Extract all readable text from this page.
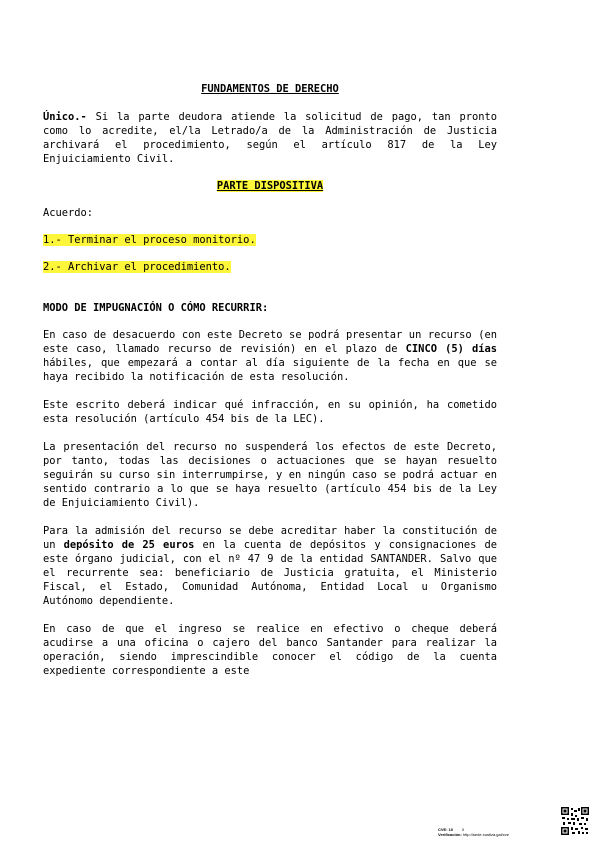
FUNDAMENTOS DE DERECHO

Único.- Si la parte deudora atiende la solicitud de pago, tan pronto como lo acredite, el/la Letrado/a de la Administración de Justicia archivará el procedimiento, según el artículo 817 de la Ley Enjuiciamiento Civil.

PARTE DISPOSITIVA

Acuerdo:

1.- Terminar el proceso monitorio.

2.- Archivar el procedimiento.

MODO DE IMPUGNACIÓN O CÓMO RECURRIR:

En caso de desacuerdo con este Decreto se podrá presentar un recurso (en este caso, llamado recurso de revisión) en el plazo de CINCO (5) días hábiles, que empezará a contar al día siguiente de la fecha en que se haya recibido la notificación de esta resolución.

Este escrito deberá indicar qué infracción, en su opinión, ha cometido esta resolución (artículo 454 bis de la LEC).

La presentación del recurso no suspenderá los efectos de este Decreto, por tanto, todas las decisiones o actuaciones que se hayan resuelto seguirán su curso sin interrumpirse, y en ningún caso se podrá actuar en sentido contrario a lo que se haya resuelto (artículo 454 bis de la Ley de Enjuiciamiento Civil).

Para la admisión del recurso se debe acreditar haber la constitución de un depósito de 25 euros en la cuenta de depósitos y consignaciones de este órgano judicial, con el nº 47 9 de la entidad SANTANDER. Salvo que el recurrente sea: beneficiario de Justicia gratuita, el Ministerio Fiscal, el Estado, Comunidad Autónoma, Entidad Local u Organismo Autónomo dependiente.

En caso de que el ingreso se realice en efectivo o cheque deberá acudirse a una oficina o cajero del banco Santander para realizar la operación, siendo imprescindible conocer el código de la cuenta expediente correspondiente a este

CVE: 10 0
Verificación: http://sede.xustiza.gal/cve
